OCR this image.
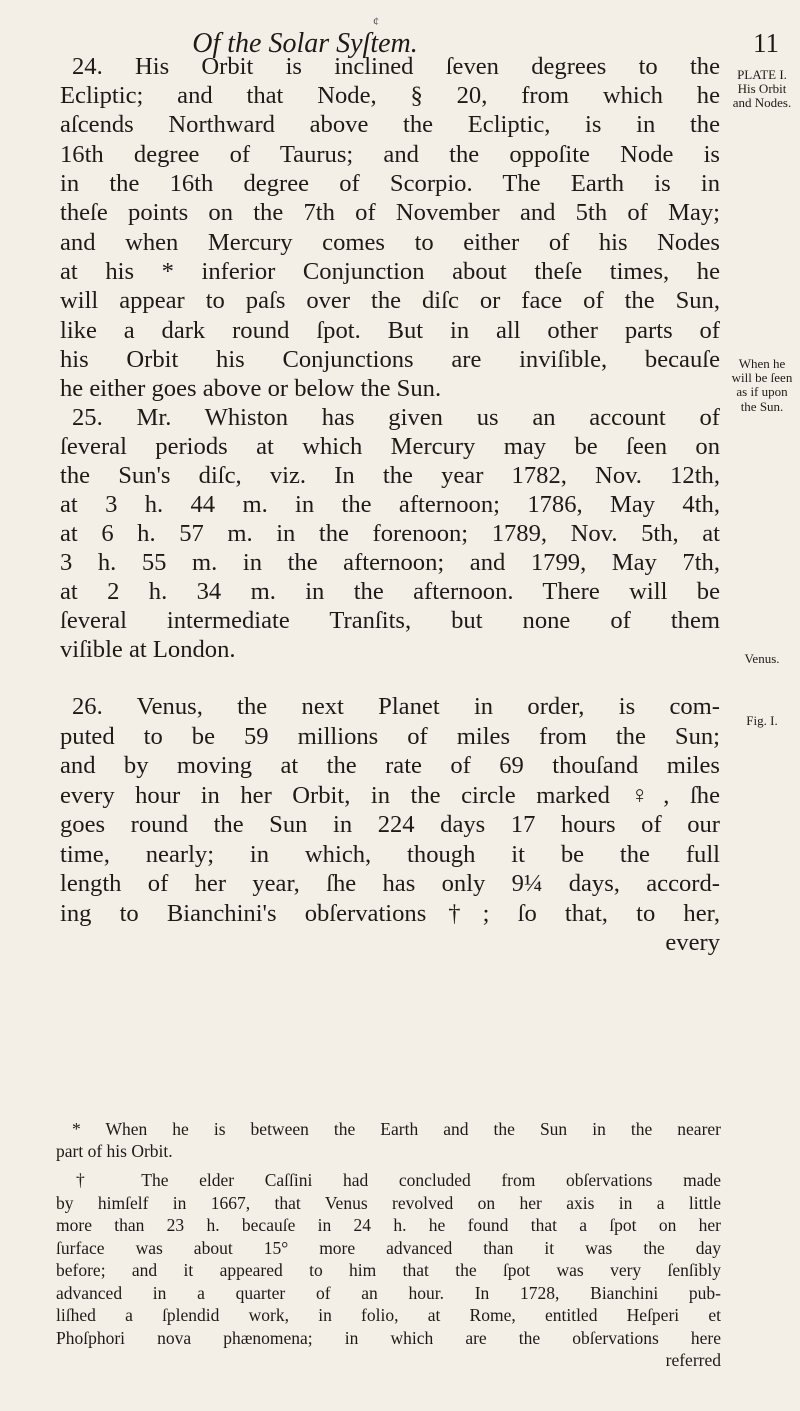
¢
Of the Solar Syſtem.	11
PLATE I.
His Orbit
and Nodes.
When he
will be ſeen
as if upon
the Sun.
Venus.
Fig. I.
24. His Orbit is inclined ſeven degrees to the
Ecliptic; and that Node, § 20, from which he
aſcends Northward above the Ecliptic, is in the
16th degree of Taurus; and the oppoſite Node is
in the 16th degree of Scorpio. The Earth is in
theſe points on the 7th of November and 5th of May;
and when Mercury comes to either of his Nodes
at his * inferior Conjunction about theſe times, he
will appear to paſs over the diſc or face of the Sun,
like a dark round ſpot. But in all other parts of
his Orbit his Conjunctions are inviſible, becauſe
he either goes above or below the Sun.
25. Mr. Whiston has given us an account of
ſeveral periods at which Mercury may be ſeen on
the Sun's diſc, viz. In the year 1782, Nov. 12th,
at 3 h. 44 m. in the afternoon; 1786, May 4th,
at 6 h. 57 m. in the forenoon; 1789, Nov. 5th, at
3 h. 55 m. in the afternoon; and 1799, May 7th,
at 2 h. 34 m. in the afternoon. There will be
ſeveral intermediate Tranſits, but none of them
viſible at London.
26. Venus, the next Planet in order, is com-
puted to be 59 millions of miles from the Sun;
and by moving at the rate of 69 thouſand miles
every hour in her Orbit, in the circle marked ♀, ſhe
goes round the Sun in 224 days 17 hours of our
time, nearly; in which, though it be the full
length of her year, ſhe has only 9¼ days, accord-
ing to Bianchini's obſervations†; ſo that, to her,
every
* When he is between the Earth and the Sun in the nearer
part of his Orbit.
† The elder Caſſini had concluded from obſervations made
by himſelf in 1667, that Venus revolved on her axis in a little
more than 23 h. becauſe in 24 h. he found that a ſpot on her
ſurface was about 15° more advanced than it was the day
before; and it appeared to him that the ſpot was very ſenſibly
advanced in a quarter of an hour. In 1728, Bianchini pub-
liſhed a ſplendid work, in folio, at Rome, entitled Heſperi et
Phoſphori nova phænomena; in which are the obſervations here
referred
